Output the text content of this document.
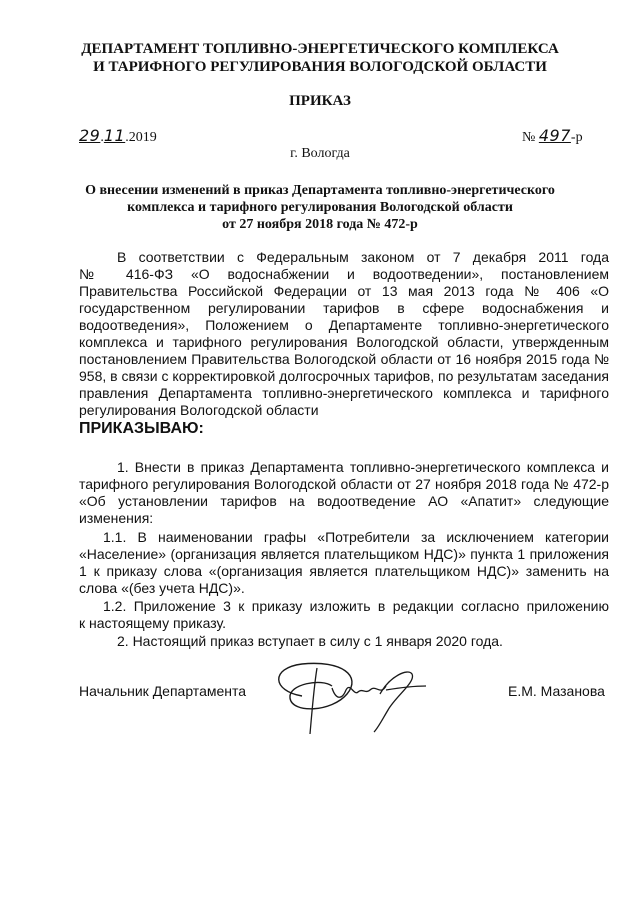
ДЕПАРТАМЕНТ ТОПЛИВНО-ЭНЕРГЕТИЧЕСКОГО КОМПЛЕКСА
И ТАРИФНОГО РЕГУЛИРОВАНИЯ ВОЛОГОДСКОЙ ОБЛАСТИ
ПРИКАЗ
29.11.2019	№ 497-р
г. Вологда
О внесении изменений в приказ Департамента топливно-энергетического
комплекса и тарифного регулирования Вологодской области
от 27 ноября 2018 года № 472-р
В соответствии с Федеральным законом от 7 декабря 2011 года
№ 416-ФЗ «О водоснабжении и водоотведении», постановлением
Правительства Российской Федерации от 13 мая 2013 года № 406 «О
государственном регулировании тарифов в сфере водоснабжения и
водоотведения», Положением о Департаменте топливно-энергетического
комплекса и тарифного регулирования Вологодской области, утвержденным
постановлением Правительства Вологодской области от 16 ноября 2015 года №
958, в связи с корректировкой долгосрочных тарифов, по результатам заседания
правления Департамента топливно-энергетического комплекса и тарифного
регулирования Вологодской области
ПРИКАЗЫВАЮ:
1. Внести в приказ Департамента топливно-энергетического комплекса и
тарифного регулирования Вологодской области от 27 ноября 2018 года № 472-р
«Об установлении тарифов на водоотведение АО «Апатит» следующие
изменения:
1.1. В наименовании графы «Потребители за исключением категории
«Население» (организация является плательщиком НДС)» пункта 1 приложения
1 к приказу слова «(организация является плательщиком НДС)» заменить на
слова «(без учета НДС)».
1.2. Приложение 3 к приказу изложить в редакции согласно приложению
к настоящему приказу.
2. Настоящий приказ вступает в силу с 1 января 2020 года.
Начальник Департамента	Е.М. Мазанова
